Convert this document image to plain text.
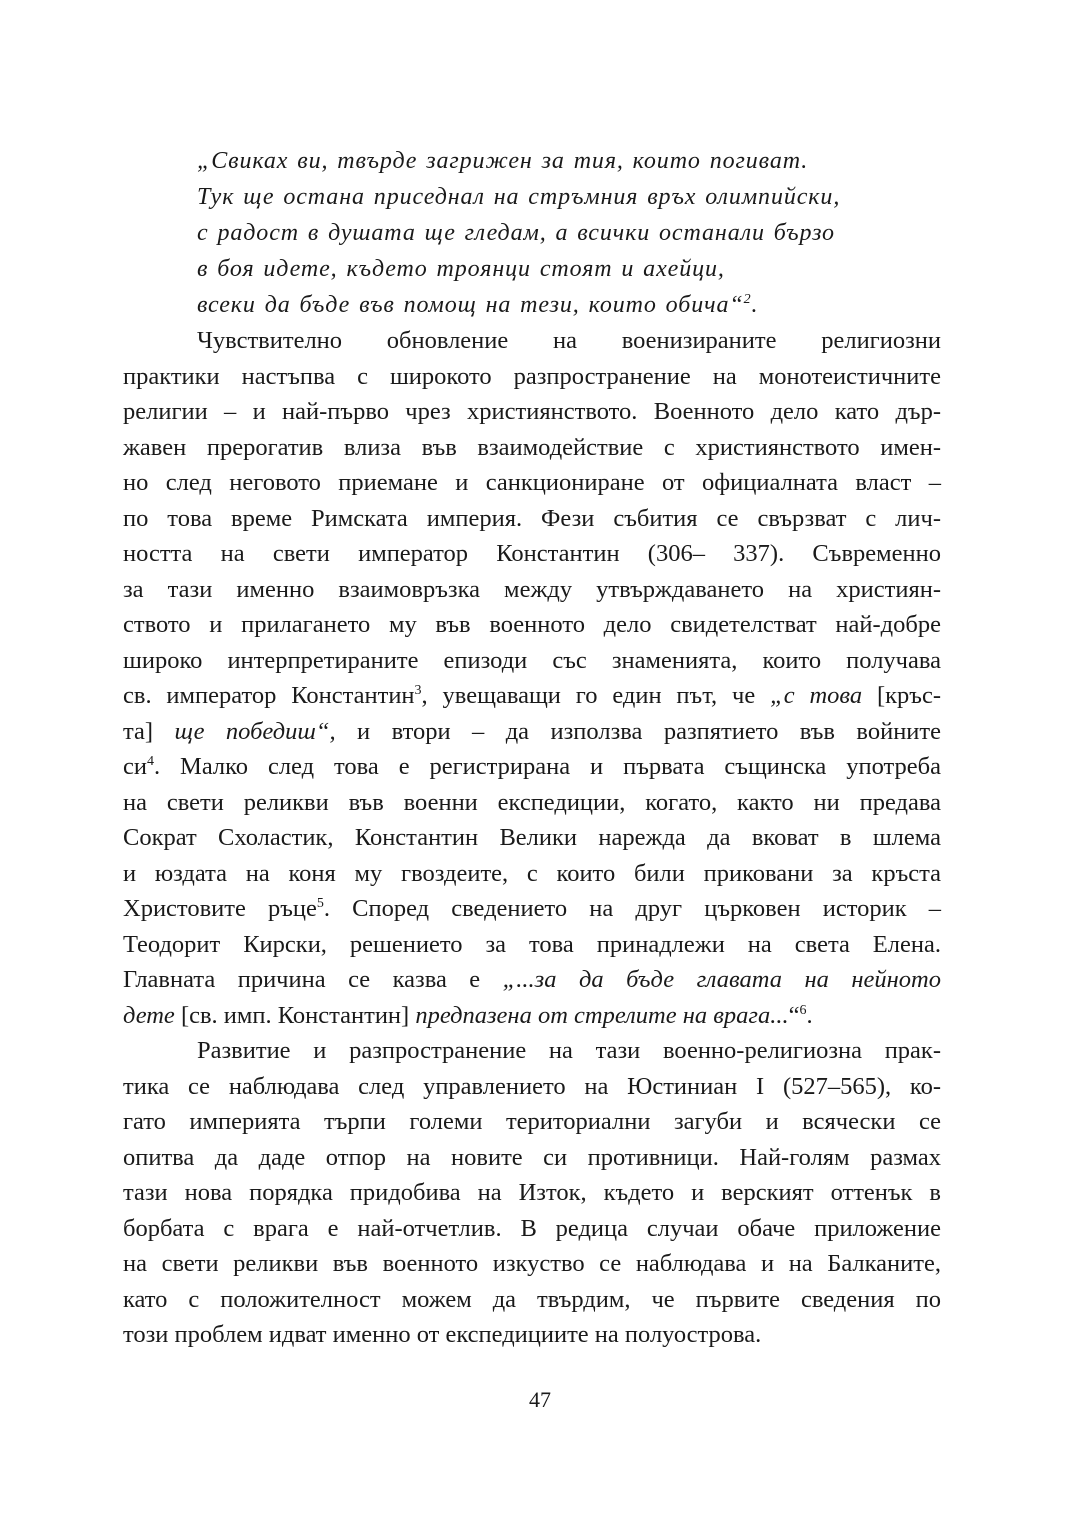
„Свиках ви, твърде загрижен за тия, които погиват.
Тук ще остана приседнал на стръмния връх олимпийски,
с радост в душата ще гледам, а всички останали бързо
в боя идете, където троянци стоят и ахейци,
всеки да бъде във помощ на тези, които обича“$^2$.
Чувствително обновление на военизираните религиозни
практики настъпва с широкото разпространение на монотеистичните
религии – и най-първо чрез християнството. Военното дело като дър-
жавен прерогатив влиза във взаимодействие с християнството имен-
но след неговото приемане и санкциониране от официалната власт –
по това време Римската империя. Фези събития се свързват с лич-
ността на свети император Константин (306– 337). Съвременно
за тази именно взаимовръзка между утвърждаването на християн-
ството и прилагането му във военното дело свидетелстват най-добре
широко интерпретираните епизоди със знаменията, които получава
св. император Константин$^3$, увещаващи го един път, че „с това [кръс-
та] ще победиш“, и втори – да използва разпятието във войните
$си^4$. Малко след това е регистрирана и първата същинска употреба
на свети реликви във военни експедиции, когато, както ни предава
Сократ Схоластик, Константин Велики нарежда да вковат в шлема
и юздата на коня му гвоздеите, с които били приковани за кръста
Христовите ръце$^5$. Според сведението на друг църковен историк –
Теодорит Кирски, решението за това принадлежи на света Елена.
Главната причина се казва е „...за да бъде главата на нейното
дете [св. имп. Константин] предпазена от стрелите на врага...“$^6$.
Развитие и разпространение на тази военно-религиозна прак-
тика се наблюдава след управлението на Юстиниан I (527–565), ко-
гато империята търпи големи териториални загуби и всячески се
опитва да даде отпор на новите си противници. Най-голям размах
тази нова порядка придобива на Изток, където и верският оттенък в
борбата с врага е най-отчетлив. В редица случаи обаче приложение
на свети реликви във военното изкуство се наблюдава и на Балканите,
като с положителност можем да твърдим, че първите сведения по
този проблем идват именно от експедициите на полуострова.
47
